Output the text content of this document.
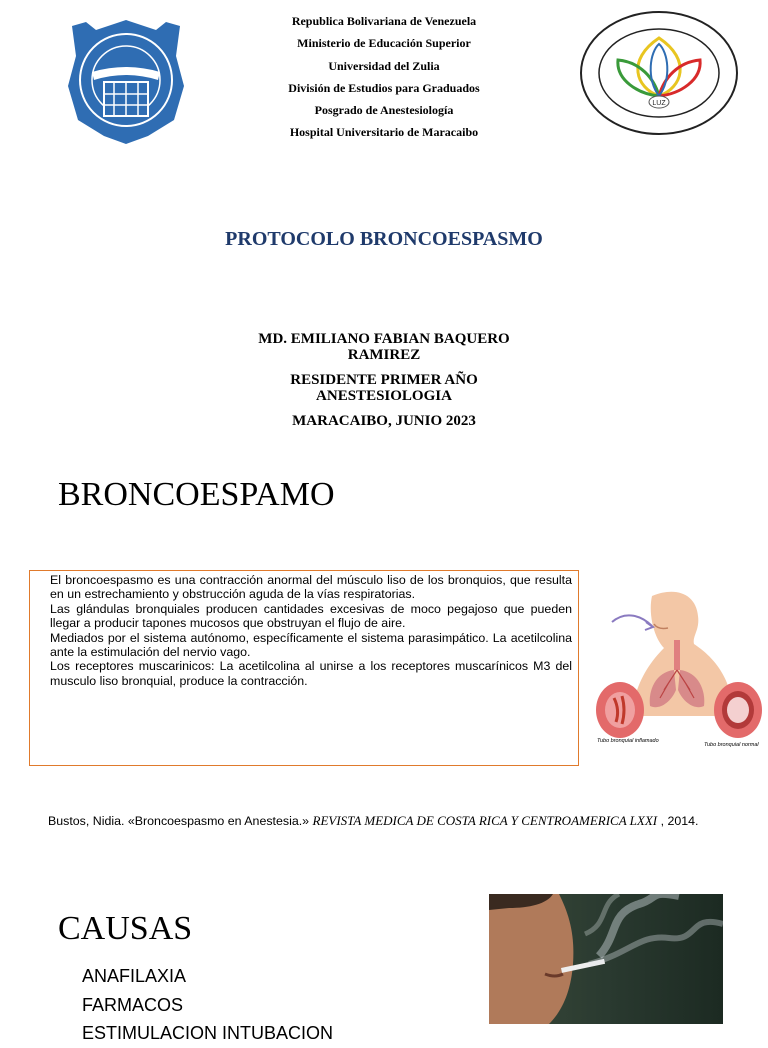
Republica Bolivariana de Venezuela
Ministerio de Educación Superior
Universidad del Zulia
División de Estudios para Graduados
Posgrado de Anestesiología
Hospital Universitario de Maracaibo
LUZ
PROTOCOLO BRONCOESPASMO
MD. EMILIANO FABIAN BAQUERO
RAMIREZ
RESIDENTE PRIMER AÑO
ANESTESIOLOGIA
MARACAIBO, JUNIO 2023
BRONCOESPAMO

El broncoespasmo es una contracción anormal del músculo liso de los bronquios, que resulta en un estrechamiento y obstrucción aguda de la vías respiratorias.

Las glándulas bronquiales producen cantidades excesivas de moco pegajoso que pueden llegar a producir tapones mucosos que obstruyan el flujo de aire.

Mediados por el sistema autónomo, específicamente el sistema parasimpático. La acetilcolina ante la estimulación del nervio vago.

Los receptores muscarinicos: La acetilcolina al unirse a los receptores muscarínicos M3 del musculo liso bronquial, produce la contracción.

Tubo bronquial inflamado
Tubo bronquial normal
Bustos, Nidia. «Broncoespasmo en Anestesia.» REVISTA MEDICA DE COSTA RICA Y CENTROAMERICA LXXI , 2014.
CAUSAS
ANAFILAXIA
FARMACOS
ESTIMULACION INTUBACION
